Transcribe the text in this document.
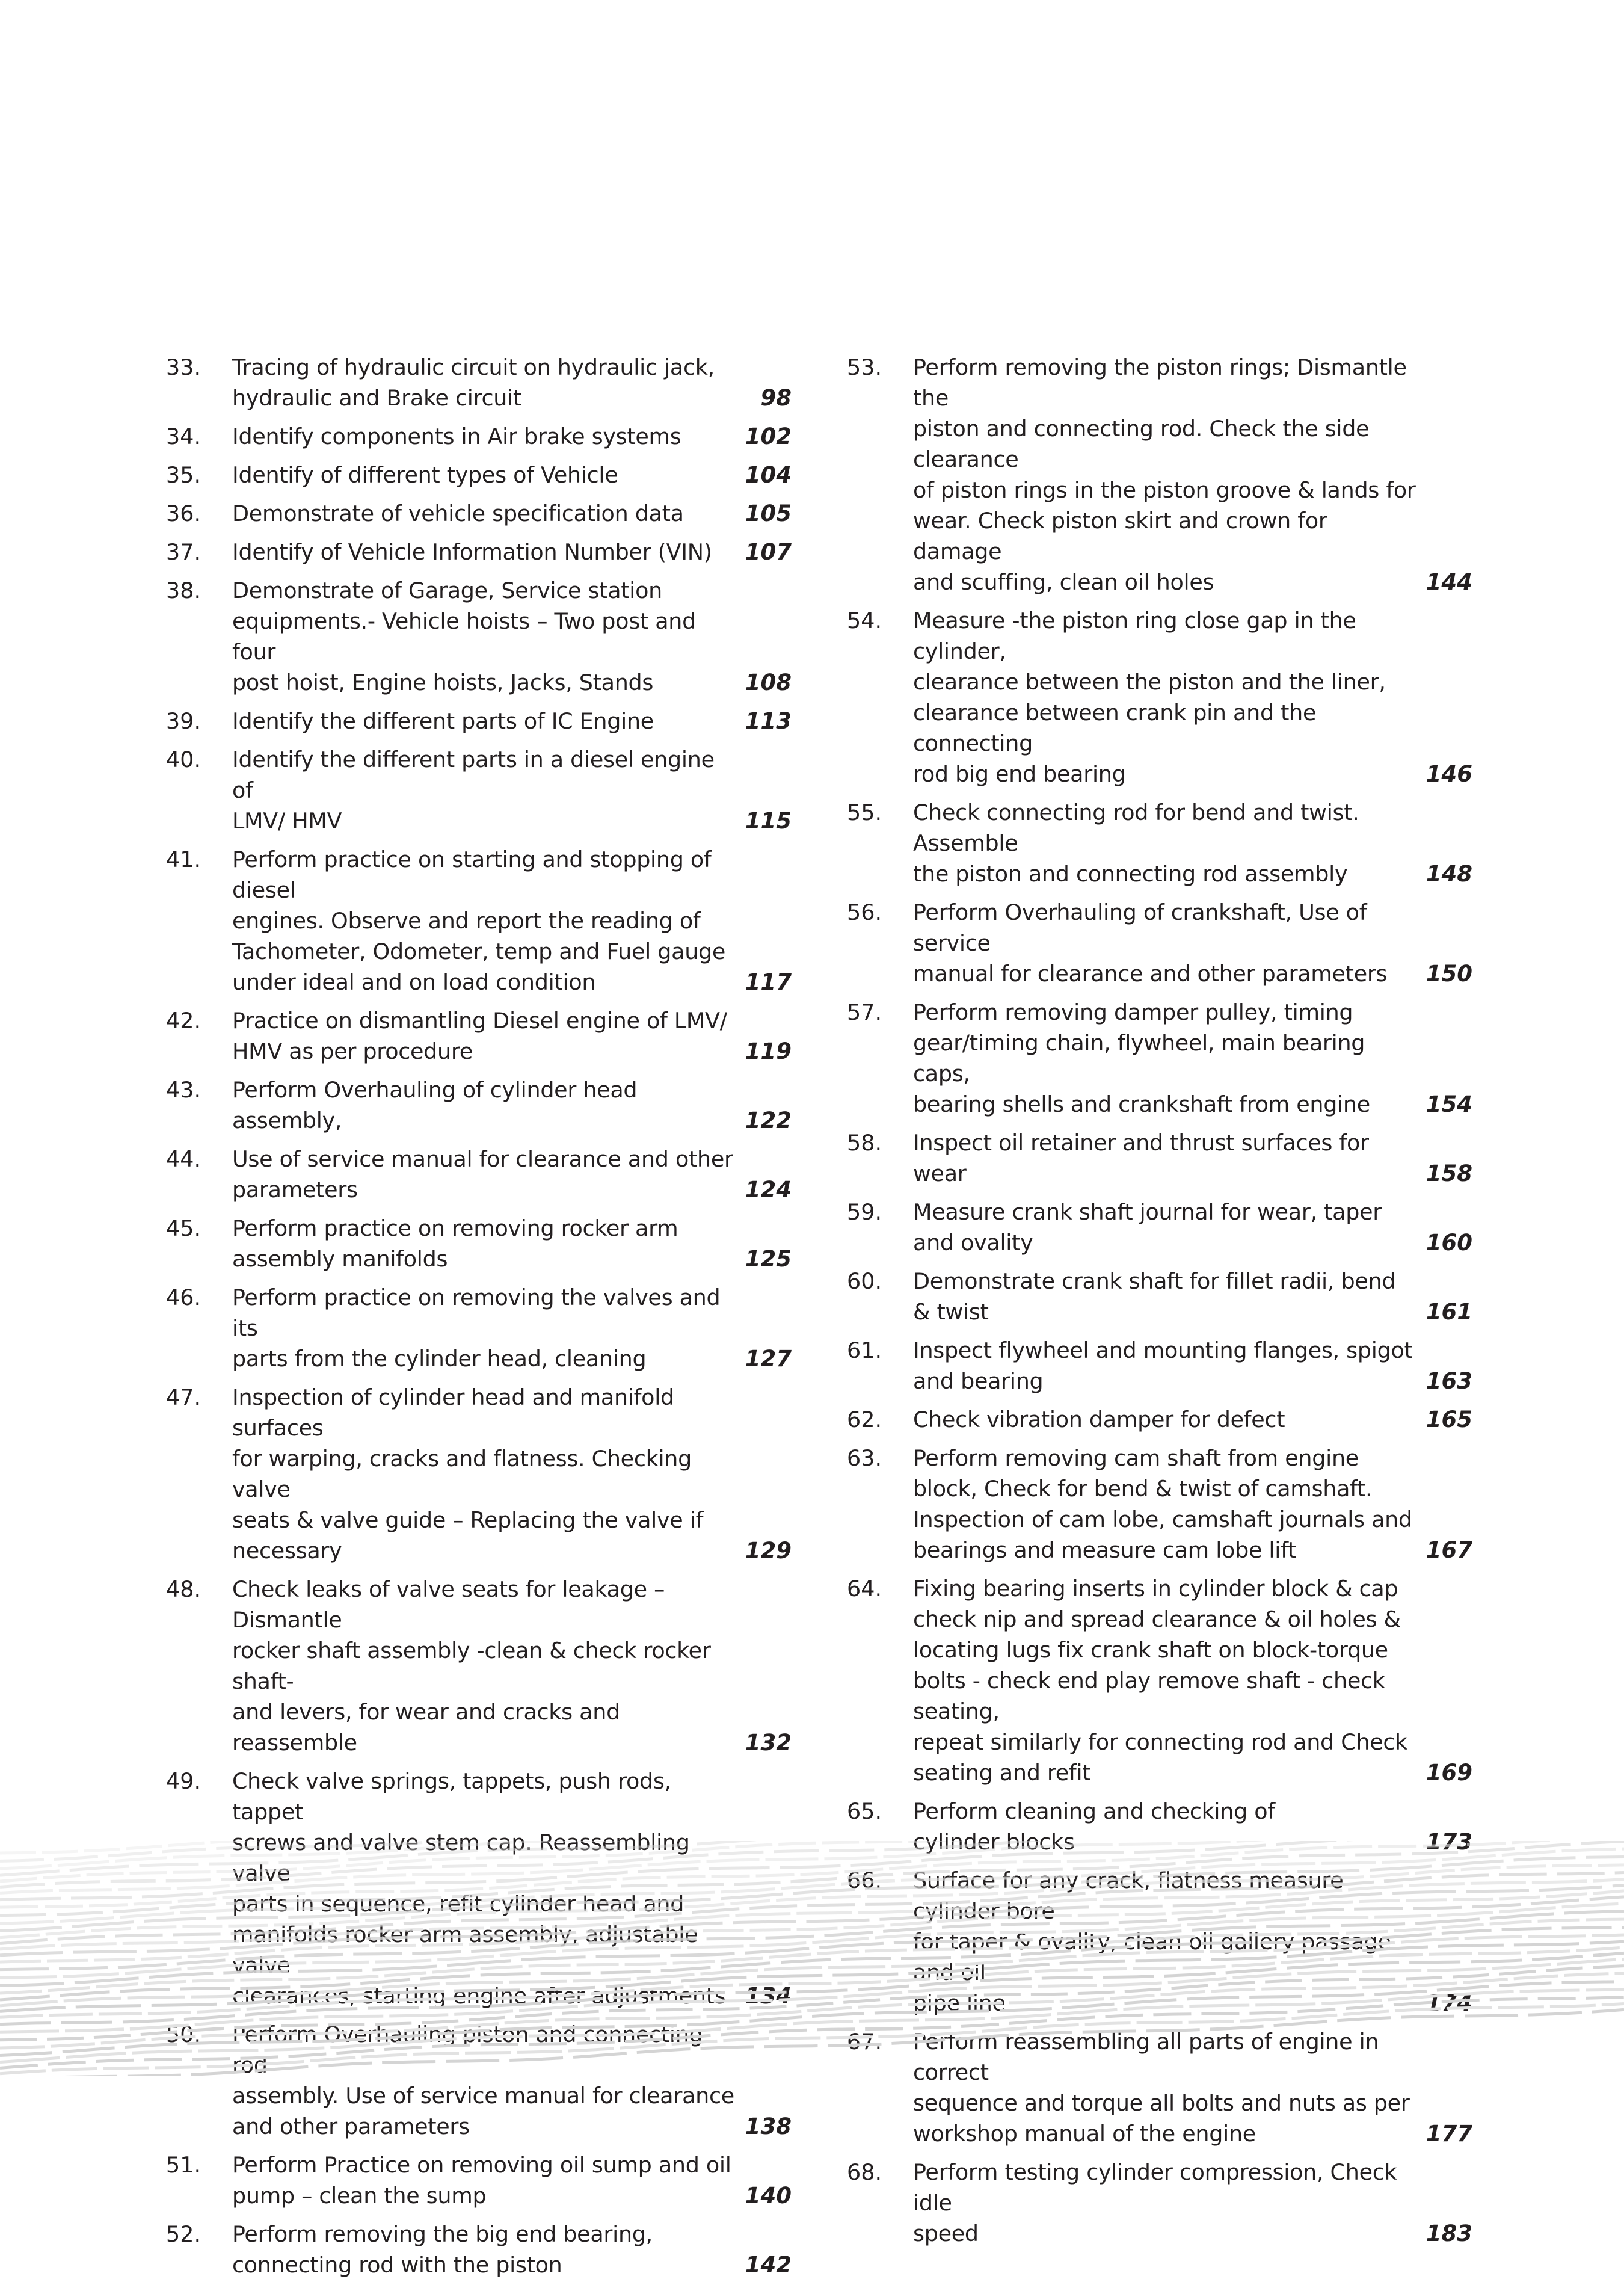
33.	Tracing of hydraulic circuit on hydraulic jack,
hydraulic and Brake circuit	98
34.	Identify components in Air brake systems	102
35.	Identify of different types of Vehicle	104
36.	Demonstrate of vehicle specification data	105
37.	Identify of Vehicle Information Number (VIN)	107
38.	Demonstrate of Garage, Service station
equipments.- Vehicle hoists – Two post and four
post hoist, Engine hoists, Jacks, Stands	108
39.	Identify the different parts of IC Engine	113
40.	Identify the different parts in a diesel engine of
LMV/ HMV	115
41.	Perform practice on starting and stopping of diesel
engines. Observe and report the reading of
Tachometer, Odometer, temp and Fuel gauge
under ideal and on load condition	117
42.	Practice on dismantling Diesel engine of LMV/
HMV as per procedure	119
43.	Perform Overhauling of cylinder head assembly,	122
44.	Use of service manual for clearance and other
parameters	124
45.	Perform practice on removing rocker arm
assembly manifolds	125
46.	Perform practice on removing the valves and its
parts from the cylinder head, cleaning	127
47.	Inspection of cylinder head and manifold surfaces
for warping, cracks and flatness. Checking valve
seats & valve guide – Replacing the valve if
necessary	129
48.	Check leaks of valve seats for leakage – Dismantle
rocker shaft assembly -clean & check rocker shaft-
and levers, for wear and cracks and reassemble	132
49.	Check valve springs, tappets, push rods, tappet
screws and valve stem cap. Reassembling valve
parts in sequence, refit cylinder head and
manifolds rocker arm assembly, adjustable valve
clearances, starting engine after adjustments 134
50.	Perform Overhauling piston and connecting rod
assembly. Use of service manual for clearance
and other parameters	138
51.	Perform Practice on removing oil sump and oil
pump – clean the sump	140
52.	Perform removing the big end bearing,
connecting rod with the piston	142
53.	Perform removing the piston rings; Dismantle the
piston and connecting rod. Check the side clearance
of piston rings in the piston groove & lands for
wear. Check piston skirt and crown for damage
and scuffing, clean oil holes	144
54.	Measure -the piston ring close gap in the cylinder,
clearance between the piston and the liner,
clearance between crank pin and the connecting
rod big end bearing	146
55.	Check connecting rod for bend and twist. Assemble
the piston and connecting rod assembly	148
56.	Perform Overhauling of crankshaft, Use of service
manual for clearance and other parameters	150
57.	Perform removing damper pulley, timing
gear/timing chain, flywheel, main bearing caps,
bearing shells and crankshaft from engine	154
58.	Inspect oil retainer and thrust surfaces for wear	158
59.	Measure crank shaft journal for wear, taper
and ovality	160
60.	Demonstrate crank shaft for fillet radii, bend
& twist	161
61.	Inspect flywheel and mounting flanges, spigot
and bearing	163
62.	Check vibration damper for defect	165
63.	Perform removing cam shaft from engine
block, Check for bend & twist of camshaft.
Inspection of cam lobe, camshaft journals and
bearings and measure cam lobe lift	167
64.	Fixing bearing inserts in cylinder block & cap
check nip and spread clearance & oil holes &
locating lugs fix crank shaft on block-torque
bolts - check end play remove shaft - check seating,
repeat similarly for connecting rod and Check
seating and refit	169
65.	Perform cleaning and checking of
cylinder blocks	173
66.	Surface for any crack, flatness measure cylinder bore
for taper & ovality, clean oil gallery passage and oil
pipe line	174
67.	Perform reassembling all parts of engine in correct
sequence and torque all bolts and nuts as per
workshop manual of the engine	177
68.	Perform testing cylinder compression, Check idle
speed	183
